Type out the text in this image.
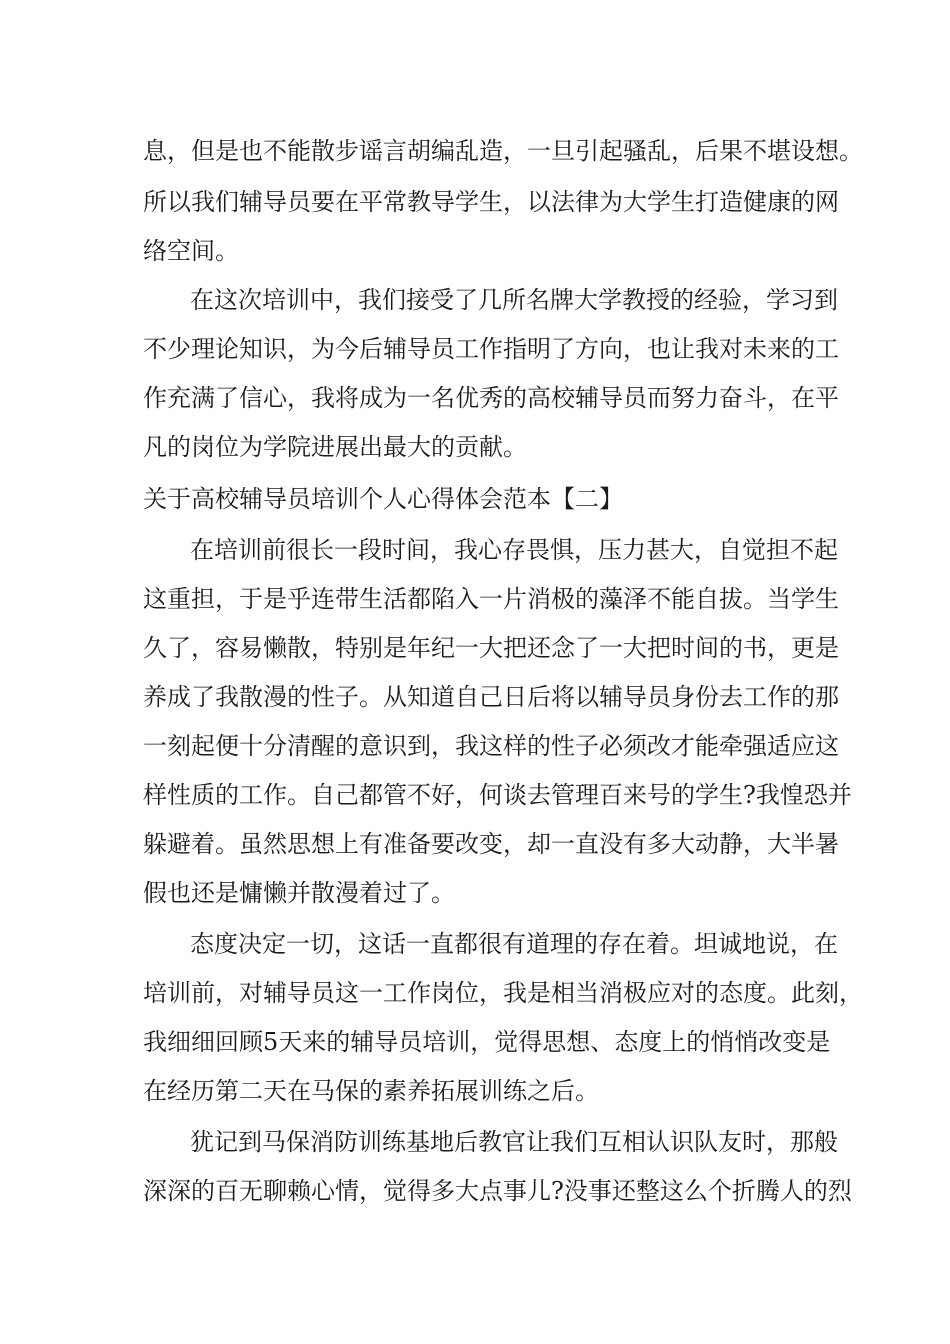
息，但是也不能散步谣言胡编乱造，一旦引起骚乱，后果不堪设想。
所以我们辅导员要在平常教导学生，以法律为大学生打造健康的网
络空间。
在这次培训中，我们接受了几所名牌大学教授的经验，学习到
不少理论知识，为今后辅导员工作指明了方向，也让我对未来的工
作充满了信心，我将成为一名优秀的高校辅导员而努力奋斗，在平
凡的岗位为学院进展出最大的贡献。
关于高校辅导员培训个人心得体会范本【二】
在培训前很长一段时间，我心存畏惧，压力甚大，自觉担不起
这重担，于是乎连带生活都陷入一片消极的藻泽不能自拔。当学生
久了，容易懒散，特别是年纪一大把还念了一大把时间的书，更是
养成了我散漫的性子。从知道自己日后将以辅导员身份去工作的那
一刻起便十分清醒的意识到，我这样的性子必须改才能牵强适应这
样性质的工作。自己都管不好，何谈去管理百来号的学生?我惶恐并
躲避着。虽然思想上有准备要改变，却一直没有多大动静，大半暑
假也还是慵懒并散漫着过了。
态度决定一切，这话一直都很有道理的存在着。坦诚地说，在
培训前，对辅导员这一工作岗位，我是相当消极应对的态度。此刻，
我细细回顾5天来的辅导员培训，觉得思想、态度上的悄悄改变是
在经历第二天在马保的素养拓展训练之后。
犹记到马保消防训练基地后教官让我们互相认识队友时，那般
深深的百无聊赖心情，觉得多大点事儿?没事还整这么个折腾人的烈
